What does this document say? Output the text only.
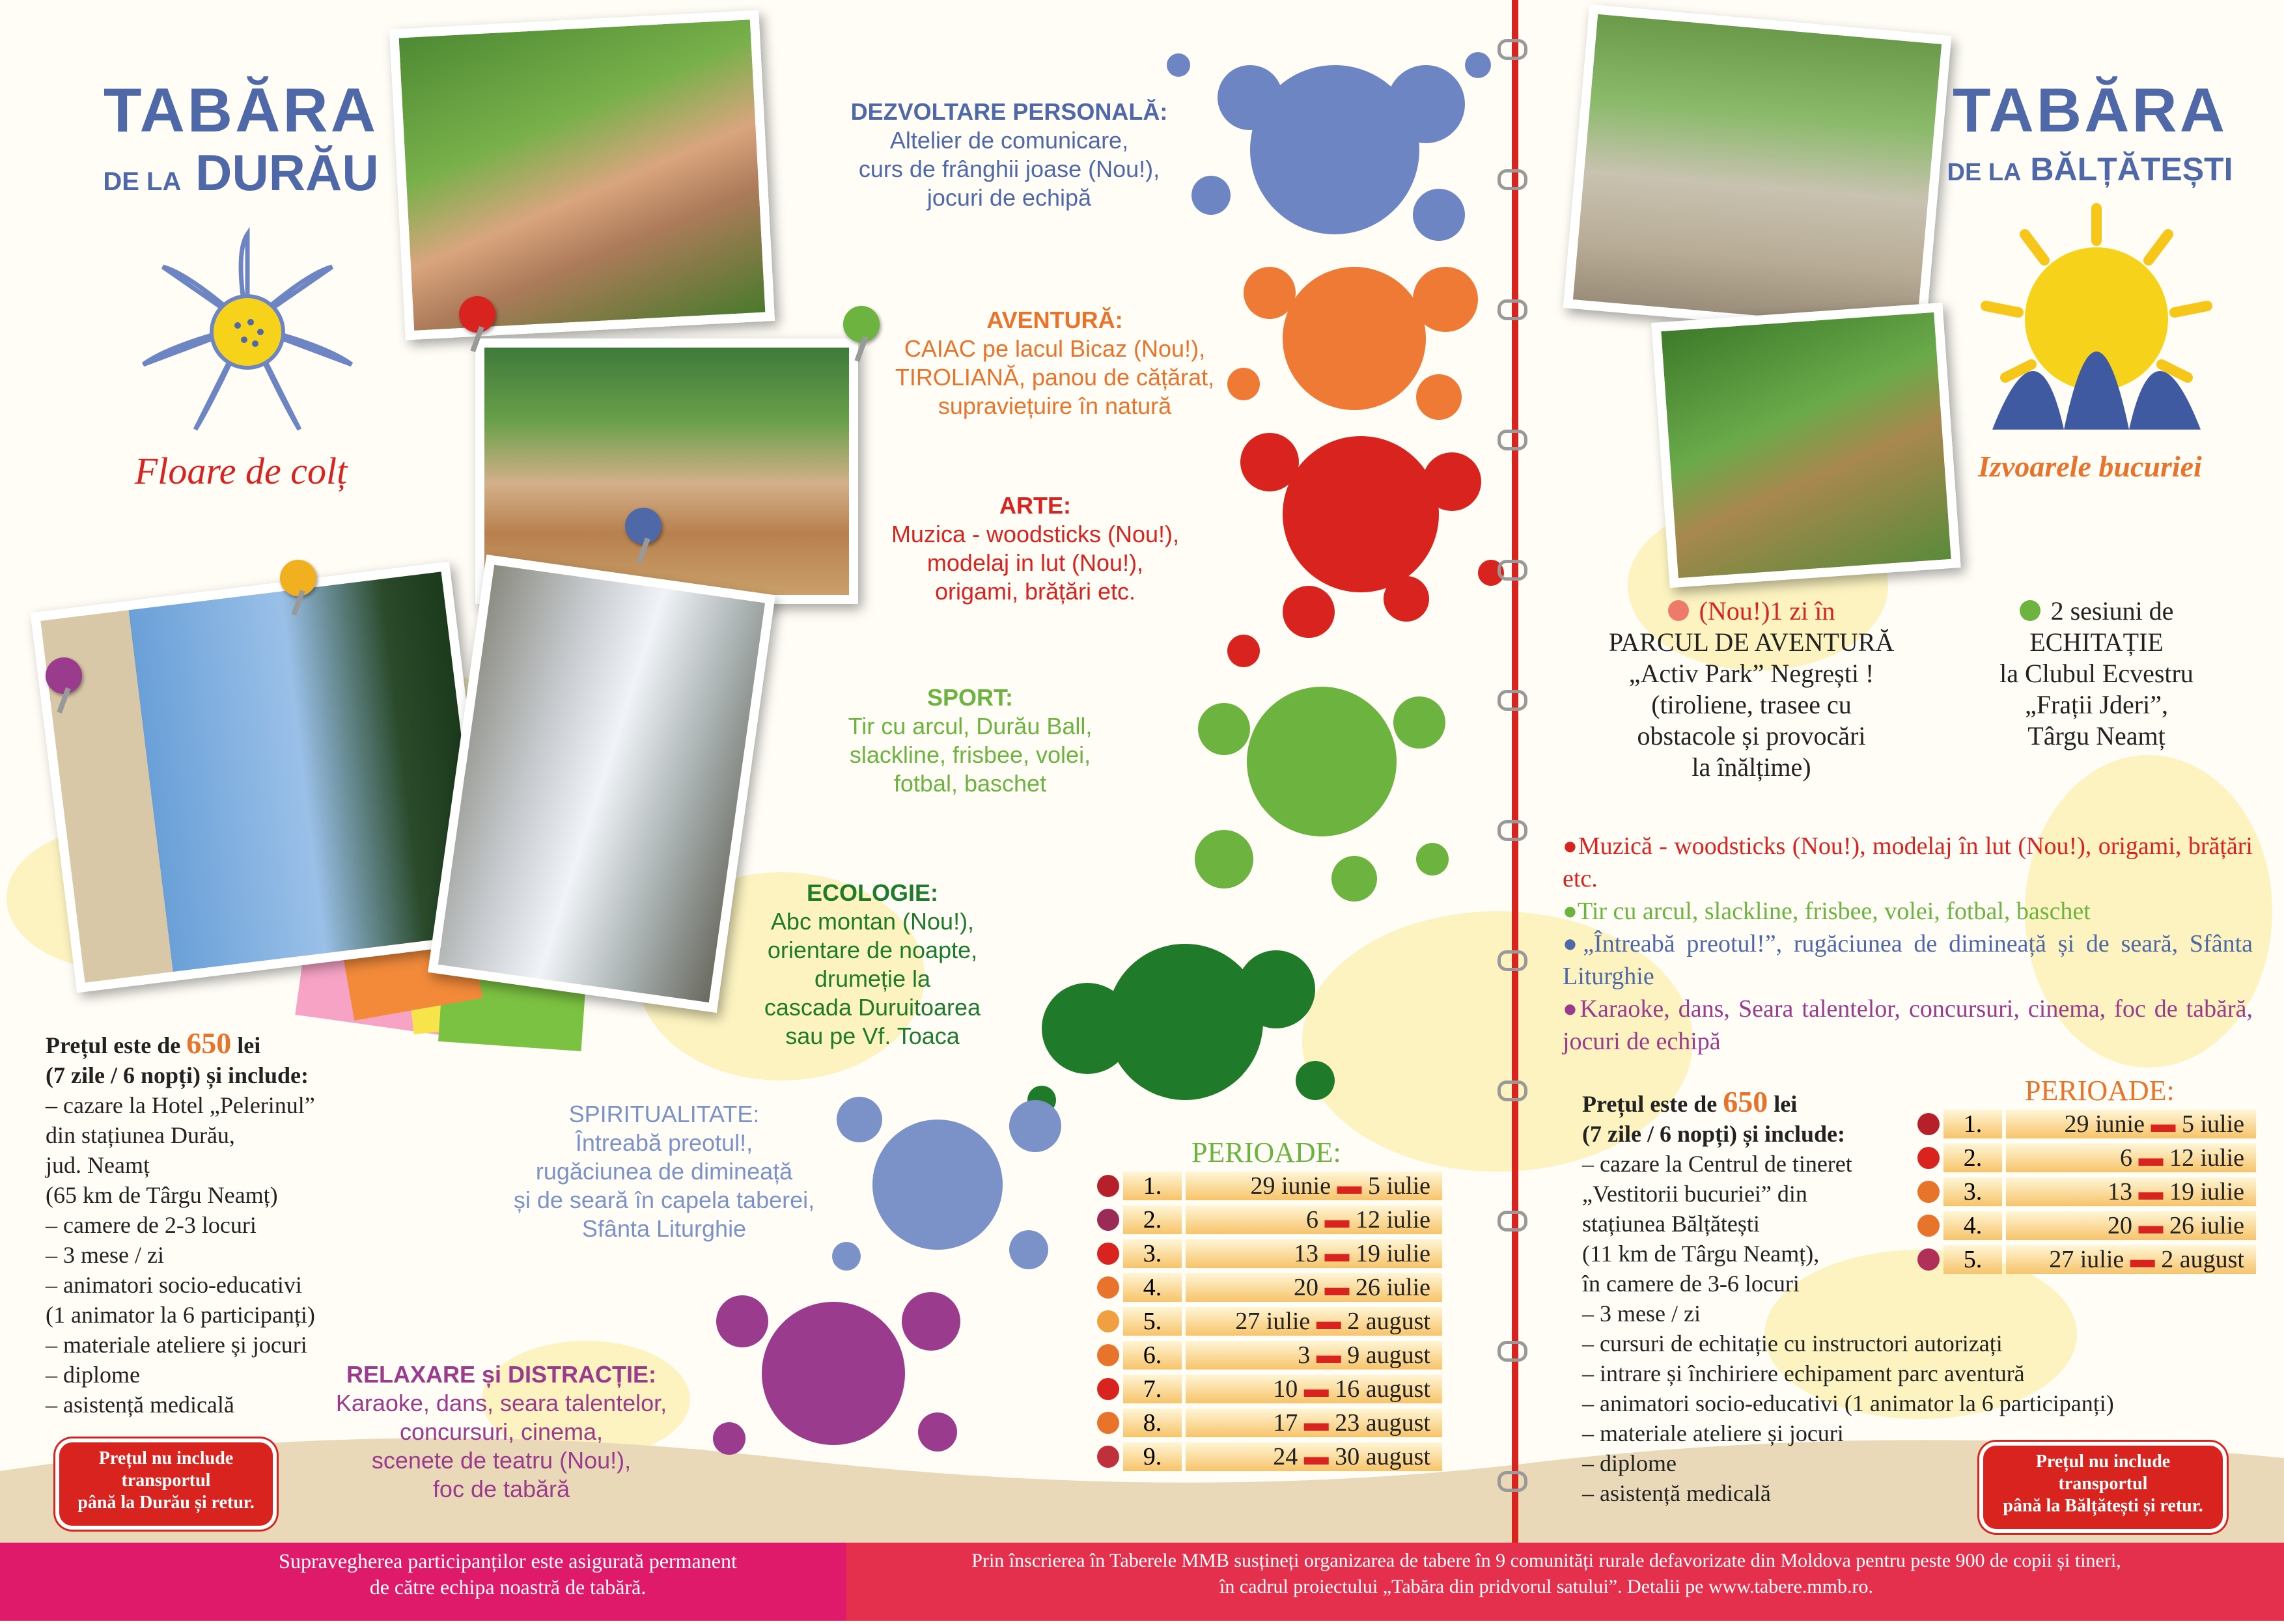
TABĂRA
DE LA DURĂU
Floare de colț
DEZVOLTARE PERSONALĂ:
Altelier de comunicare,
curs de frânghii joase (Nou!),
jocuri de echipă
AVENTURĂ:
CAIAC pe lacul Bicaz (Nou!),
TIROLIANĂ, panou de cățărat,
supraviețuire în natură
ARTE:
Muzica - woodsticks (Nou!),
modelaj in lut (Nou!),
origami, brățări etc.
SPORT:
Tir cu arcul, Durău Ball,
slackline, frisbee, volei,
fotbal, baschet
ECOLOGIE:
Abc montan (Nou!),
orientare de noapte,
drumeție la
cascada Duruitoarea
sau pe Vf. Toaca
SPIRITUALITATE:
Întreabă preotul!,
rugăciunea de dimineață
și de seară în capela taberei,
Sfânta Liturghie
RELAXARE și DISTRACȚIE:
Karaoke, dans, seara talentelor,
concursuri, cinema,
scenete de teatru (Nou!),
foc de tabără
Prețul este de 650 lei
(7 zile / 6 nopți) și include:
– cazare la Hotel „Pelerinul”
din stațiunea Durău,
jud. Neamț
(65 km de Târgu Neamț)
– camere de 2-3 locuri
– 3 mese / zi
– animatori socio-educativi
(1 animator la 6 participanți)
– materiale ateliere și jocuri
– diplome
– asistență medicală
Prețul nu include
transportul
până la Durău și retur.
PERIOADE:
1.	29 iunie ▬ 5 iulie
2.	6 ▬ 12 iulie
3.	13 ▬ 19 iulie
4.	20 ▬ 26 iulie
5.	27 iulie ▬ 2 august
6.	3 ▬ 9 august
7.	10 ▬ 16 august
8.	17 ▬ 23 august
9.	24 ▬ 30 august
TABĂRA
DE LA BĂLȚĂTEȘTI
Izvoarele bucuriei
(Nou!)1 zi în
PARCUL DE AVENTURĂ
„Activ Park” Negrești !
(tiroliene, trasee cu
obstacole și provocări
la înălțime)
2 sesiuni de
ECHITAȚIE
la Clubul Ecvestru
„Frații Jderi”,
Târgu Neamț
●Muzică - woodsticks (Nou!), modelaj în lut (Nou!), origami, brățări etc.
●Tir cu arcul, slackline, frisbee, volei, fotbal, baschet
●„Întreabă preotul!”, rugăciunea de dimineață și de seară, Sfânta Liturghie
●Karaoke, dans, Seara talentelor, concursuri, cinema, foc de tabără, jocuri de echipă
Prețul este de 650 lei
(7 zile / 6 nopți) și include:
– cazare la Centrul de tineret
„Vestitorii bucuriei” din
stațiunea Bălțătești
(11 km de Târgu Neamț),
în camere de 3-6 locuri
– 3 mese / zi
– cursuri de echitație cu instructori autorizați
– intrare și închiriere echipament parc aventură
– animatori socio-educativi (1 animator la 6 participanți)
– materiale ateliere și jocuri
– diplome
– asistență medicală
Prețul nu include
transportul
până la Bălțătești și retur.
PERIOADE:
1.	29 iunie ▬ 5 iulie
2.	6 ▬ 12 iulie
3.	13 ▬ 19 iulie
4.	20 ▬ 26 iulie
5.	27 iulie ▬ 2 august
Supravegherea participanților este asigurată permanent
de către echipa noastră de tabără.
Prin înscrierea în Taberele MMB susțineți organizarea de tabere în 9 comunități rurale defavorizate din Moldova pentru peste 900 de copii și tineri,
în cadrul proiectului „Tabăra din pridvorul satului”. Detalii pe www.tabere.mmb.ro.
